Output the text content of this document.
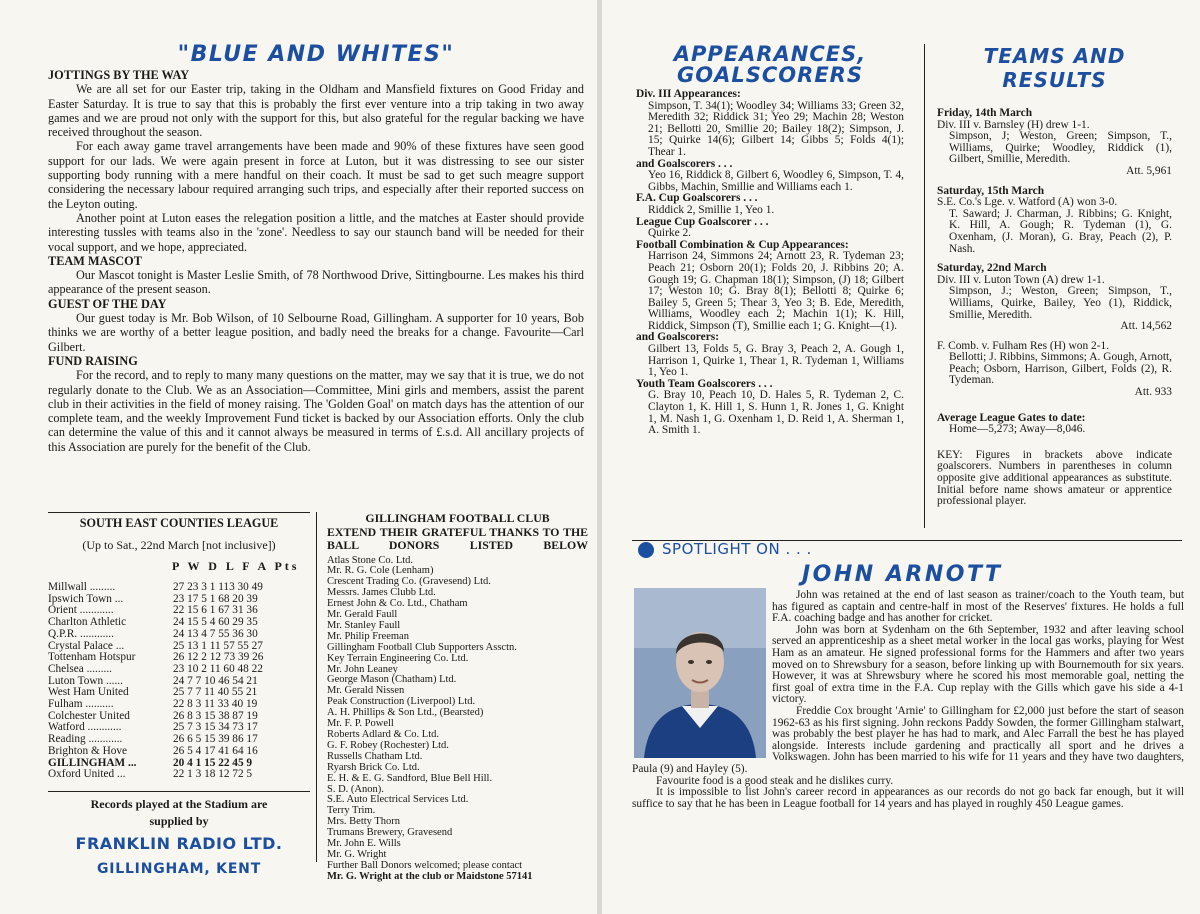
"BLUE AND WHITES"

JOTTINGS BY THE WAY

We are all set for our Easter trip, taking in the Oldham and Mansfield fixtures on Good Friday and Easter Saturday. It is true to say that this is probably the first ever venture into a trip taking in two away games and we are proud not only with the support for this, but also grateful for the regular backing we have received throughout the season.

For each away game travel arrangements have been made and 90% of these fixtures have seen good support for our lads. We were again present in force at Luton, but it was distressing to see our sister supporting body running with a mere handful on their coach. It must be sad to get such meagre support considering the necessary labour required arranging such trips, and especially after their reported success on the Leyton outing.

Another point at Luton eases the relegation position a little, and the matches at Easter should provide interesting tussles with teams also in the 'zone'. Needless to say our staunch band will be needed for their vocal support, and we hope, appreciated.

TEAM MASCOT

Our Mascot tonight is Master Leslie Smith, of 78 Northwood Drive, Sittingbourne. Les makes his third appearance of the present season.

GUEST OF THE DAY

Our guest today is Mr. Bob Wilson, of 10 Selbourne Road, Gillingham. A supporter for 10 years, Bob thinks we are worthy of a better league position, and badly need the breaks for a change. Favourite—Carl Gilbert.

FUND RAISING

For the record, and to reply to many many questions on the matter, may we say that it is true, we do not regularly donate to the Club. We as an Association—Committee, Mini girls and members, assist the parent club in their activities in the field of money raising. The 'Golden Goal' on match days has the attention of our complete team, and the weekly Improvement Fund ticket is backed by our Association efforts. Only the club can determine the value of this and it cannot always be measured in terms of £.s.d. All ancillary projects of this Association are purely for the benefit of the Club.

SOUTH EAST COUNTIES LEAGUE
(Up to Sat., 22nd March [not inclusive])
P W D L F A Pts
Millwall .........	27 23 3 1 113 30 49
Ipswich Town ...	23 17 5 1 68 20 39
Orient ............	22 15 6 1 67 31 36
Charlton Athletic	24 15 5 4 60 29 35
Q.P.R. ............	24 13 4 7 55 36 30
Crystal Palace ...	25 13 1 11 57 55 27
Tottenham Hotspur	26 12 2 12 73 39 26
Chelsea .........	23 10 2 11 60 48 22
Luton Town ......	24 7 7 10 46 54 21
West Ham United	25 7 7 11 40 55 21
Fulham ..........	22 8 3 11 33 40 19
Colchester United	26 8 3 15 38 87 19
Watford ............	25 7 3 15 34 73 17
Reading ............	26 6 5 15 39 86 17
Brighton & Hove	26 5 4 17 41 64 16
GILLINGHAM ...	20 4 1 15 22 45 9
Oxford United ...	22 1 3 18 12 72 5
Records played at the Stadium are
supplied by
FRANKLIN RADIO LTD.
GILLINGHAM, KENT
GILLINGHAM FOOTBALL CLUB
EXTEND THEIR GRATEFUL THANKS TO THE BALL DONORS LISTED BELOW
Atlas Stone Co. Ltd.
Mr. R. G. Cole (Lenham)
Crescent Trading Co. (Gravesend) Ltd.
Messrs. James Clubb Ltd.
Ernest John & Co. Ltd., Chatham
Mr. Gerald Faull
Mr. Stanley Faull
Mr. Philip Freeman
Gillingham Football Club Supporters Assctn.
Key Terrain Engineering Co. Ltd.
Mr. John Leaney
George Mason (Chatham) Ltd.
Mr. Gerald Nissen
Peak Construction (Liverpool) Ltd.
A. H. Phillips & Son Ltd., (Bearsted)
Mr. F. P. Powell
Roberts Adlard & Co. Ltd.
G. F. Robey (Rochester) Ltd.
Russells Chatham Ltd.
Ryarsh Brick Co. Ltd.
E. H. & E. G. Sandford, Blue Bell Hill.
S. D. (Anon).
S.E. Auto Electrical Services Ltd.
Terry Trim.
Mrs. Betty Thorn
Trumans Brewery, Gravesend
Mr. John E. Wills
Mr. G. Wright
Further Ball Donors welcomed; please contact
Mr. G. Wright at the club or Maidstone 57141
APPEARANCES,
GOALSCORERS

Div. III Appearances:

Simpson, T. 34(1); Woodley 34; Williams 33; Green 32, Meredith 32; Riddick 31; Yeo 29; Machin 28; Weston 21; Bellotti 20, Smillie 20; Bailey 18(2); Simpson, J. 15; Quirke 14(6); Gilbert 14; Gibbs 5; Folds 4(1); Thear 1.

and Goalscorers . . .

Yeo 16, Riddick 8, Gilbert 6, Woodley 6, Simpson, T. 4, Gibbs, Machin, Smillie and Williams each 1.

F.A. Cup Goalscorers . . .

Riddick 2, Smillie 1, Yeo 1.

League Cup Goalscorer . . .

Quirke 2.

Football Combination & Cup Appearances:

Harrison 24, Simmons 24; Arnott 23, R. Tydeman 23; Peach 21; Osborn 20(1); Folds 20, J. Ribbins 20; A. Gough 19; G. Chapman 18(1); Simpson, (J) 18; Gilbert 17; Weston 10; G. Bray 8(1); Bellotti 8; Quirke 6; Bailey 5, Green 5; Thear 3, Yeo 3; B. Ede, Meredith, Williams, Woodley each 2; Machin 1(1); K. Hill, Riddick, Simpson (T), Smillie each 1; G. Knight—(1).

and Goalscorers:

Gilbert 13, Folds 5, G. Bray 3, Peach 2, A. Gough 1, Harrison 1, Quirke 1, Thear 1, R. Tydeman 1, Williams 1, Yeo 1.

Youth Team Goalscorers . . .

G. Bray 10, Peach 10, D. Hales 5, R. Tydeman 2, C. Clayton 1, K. Hill 1, S. Hunn 1, R. Jones 1, G. Knight 1, M. Nash 1, G. Oxenham 1, D. Reid 1, A. Sherman 1, A. Smith 1.

TEAMS AND
RESULTS

Friday, 14th March

Div. III v. Barnsley (H) drew 1-1.

Simpson, J; Weston, Green; Simpson, T., Williams, Quirke; Woodley, Riddick (1), Gilbert, Smillie, Meredith.

Att. 5,961

Saturday, 15th March

S.E. Co.'s Lge. v. Watford (A) won 3-0.

T. Saward; J. Charman, J. Ribbins; G. Knight, K. Hill, A. Gough; R. Tydeman (1), G. Oxenham, (J. Moran), G. Bray, Peach (2), P. Nash.

Saturday, 22nd March

Div. III v. Luton Town (A) drew 1-1.

Simpson, J.; Weston, Green; Simpson, T., Williams, Quirke, Bailey, Yeo (1), Riddick, Smillie, Meredith.

Att. 14,562

F. Comb. v. Fulham Res (H) won 2-1.

Bellotti; J. Ribbins, Simmons; A. Gough, Arnott, Peach; Osborn, Harrison, Gilbert, Folds (2), R. Tydeman.

Att. 933

Average League Gates to date:

Home—5,273; Away—8,046.

KEY: Figures in brackets above indicate goalscorers. Numbers in parentheses in column opposite give additional appearances as substitute. Initial before name shows amateur or apprentice professional player.

SPOTLIGHT ON . . .
JOHN ARNOTT

John was retained at the end of last season as trainer/coach to the Youth team, but has figured as captain and centre-half in most of the Reserves' fixtures. He holds a full F.A. coaching badge and has another for cricket.

John was born at Sydenham on the 6th September, 1932 and after leaving school served an apprenticeship as a sheet metal worker in the local gas works, playing for West Ham as an amateur. He signed professional forms for the Hammers and after two years moved on to Shrewsbury for a season, before linking up with Bournemouth for six years. However, it was at Shrewsbury where he scored his most memorable goal, netting the first goal of extra time in the F.A. Cup replay with the Gills which gave his side a 4-1 victory.

Freddie Cox brought 'Arnie' to Gillingham for £2,000 just before the start of season 1962-63 as his first signing. John reckons Paddy Sowden, the former Gillingham stalwart, was probably the best player he has had to mark, and Alec Farrall the best he has played alongside. Interests include gardening and practically all sport and he drives a Volkswagen. John has been married to his wife for 11 years and they have two daughters, Paula (9) and Hayley (5).

Favourite food is a good steak and he dislikes curry.

It is impossible to list John's career record in appearances as our records do not go back far enough, but it will suffice to say that he has been in League football for 14 years and has played in roughly 450 League games.
